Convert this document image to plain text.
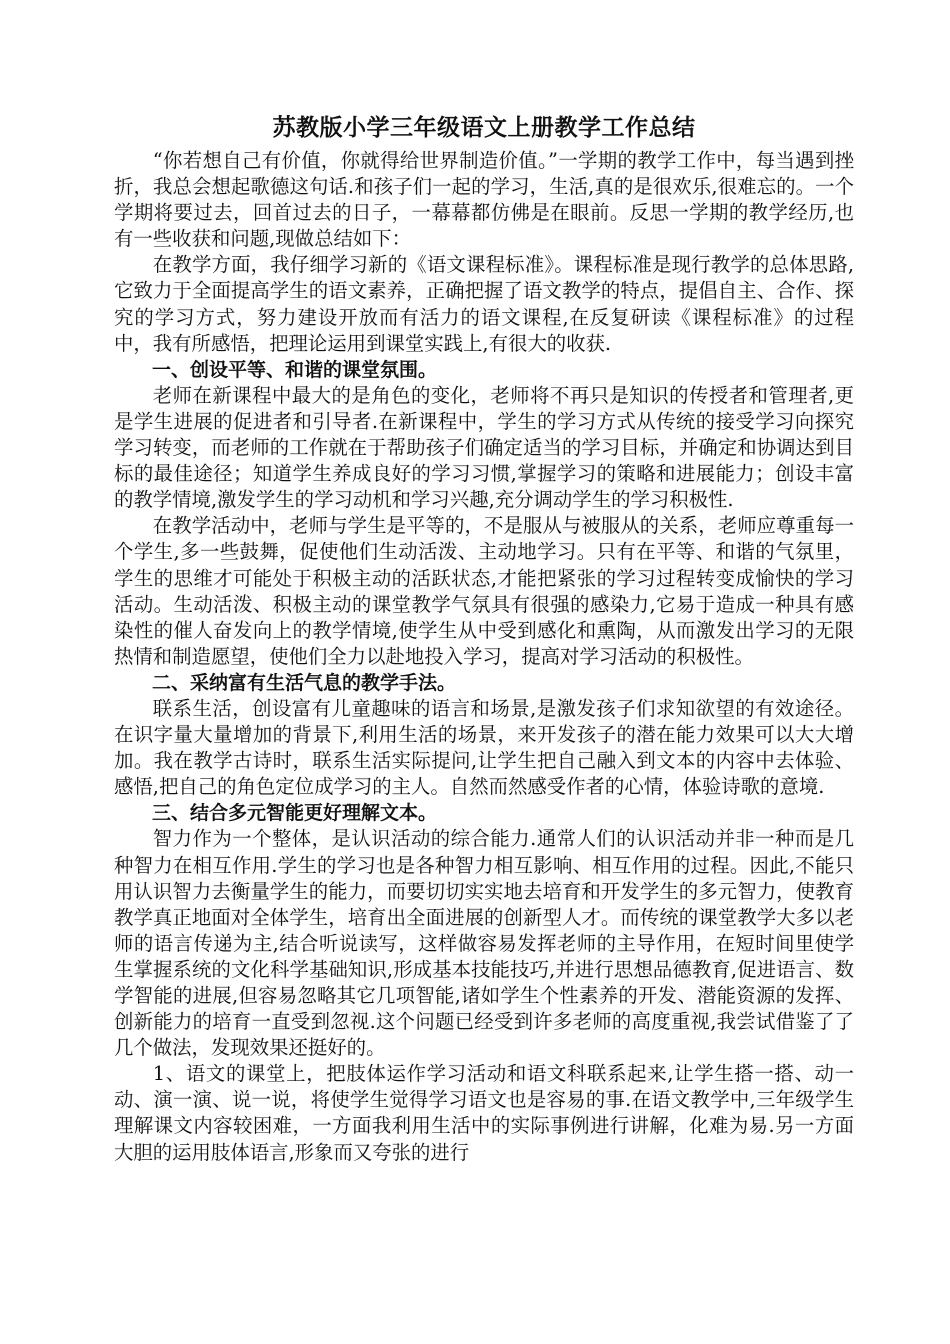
苏教版小学三年级语文上册教学工作总结

“你若想自己有价值，你就得给世界制造价值。”一学期的教学工作中，每当遇到挫折，我总会想起歌德这句话.和孩子们一起的学习，生活,真的是很欢乐,很难忘的。一个学期将要过去，回首过去的日子，一幕幕都仿佛是在眼前。反思一学期的教学经历,也有一些收获和问题,现做总结如下：

在教学方面，我仔细学习新的《语文课程标准》。课程标准是现行教学的总体思路,它致力于全面提高学生的语文素养，正确把握了语文教学的特点，提倡自主、合作、探究的学习方式，努力建设开放而有活力的语文课程,在反复研读《课程标准》的过程中，我有所感悟，把理论运用到课堂实践上,有很大的收获.

一、创设平等、和谐的课堂氛围。

老师在新课程中最大的是角色的变化，老师将不再只是知识的传授者和管理者,更是学生进展的促进者和引导者.在新课程中，学生的学习方式从传统的接受学习向探究学习转变，而老师的工作就在于帮助孩子们确定适当的学习目标，并确定和协调达到目标的最佳途径；知道学生养成良好的学习习惯,掌握学习的策略和进展能力；创设丰富的教学情境,激发学生的学习动机和学习兴趣,充分调动学生的学习积极性.

在教学活动中，老师与学生是平等的，不是服从与被服从的关系，老师应尊重每一个学生,多一些鼓舞，促使他们生动活泼、主动地学习。只有在平等、和谐的气氛里，学生的思维才可能处于积极主动的活跃状态,才能把紧张的学习过程转变成愉快的学习活动。生动活泼、积极主动的课堂教学气氛具有很强的感染力,它易于造成一种具有感染性的催人奋发向上的教学情境,使学生从中受到感化和熏陶，从而激发出学习的无限热情和制造愿望，使他们全力以赴地投入学习，提高对学习活动的积极性。

二、采纳富有生活气息的教学手法。

联系生活，创设富有儿童趣味的语言和场景,是激发孩子们求知欲望的有效途径。在识字量大量增加的背景下,利用生活的场景，来开发孩子的潜在能力效果可以大大增加。我在教学古诗时，联系生活实际提问,让学生把自己融入到文本的内容中去体验、感悟,把自己的角色定位成学习的主人。自然而然感受作者的心情，体验诗歌的意境.

三、结合多元智能更好理解文本。

智力作为一个整体，是认识活动的综合能力.通常人们的认识活动并非一种而是几种智力在相互作用.学生的学习也是各种智力相互影响、相互作用的过程。因此,不能只用认识智力去衡量学生的能力，而要切切实实地去培育和开发学生的多元智力，使教育教学真正地面对全体学生，培育出全面进展的创新型人才。而传统的课堂教学大多以老师的语言传递为主,结合听说读写，这样做容易发挥老师的主导作用，在短时间里使学生掌握系统的文化科学基础知识,形成基本技能技巧,并进行思想品德教育,促进语言、数学智能的进展,但容易忽略其它几项智能,诸如学生个性素养的开发、潜能资源的发挥、创新能力的培育一直受到忽视.这个问题已经受到许多老师的高度重视,我尝试借鉴了了几个做法，发现效果还挺好的。

1、语文的课堂上，把肢体运作学习活动和语文科联系起来,让学生搭一搭、动一动、演一演、说一说，将使学生觉得学习语文也是容易的事.在语文教学中,三年级学生理解课文内容较困难，一方面我利用生活中的实际事例进行讲解，化难为易.另一方面大胆的运用肢体语言,形象而又夸张的进行
